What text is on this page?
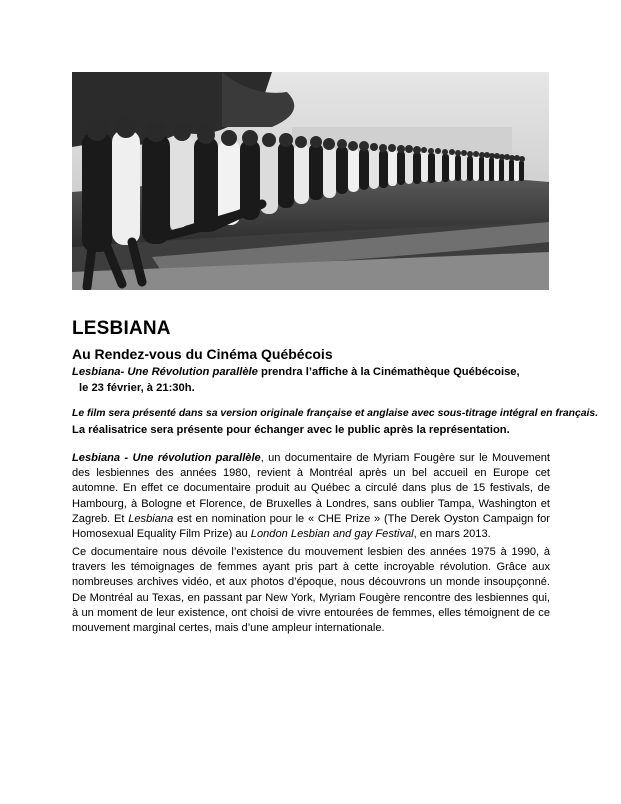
LESBIANA
Au Rendez-vous du Cinéma Québécois
Lesbiana- Une Révolution parallèle prendra l’affiche à la Cinémathèque Québécoise,
le 23 février, à 21:30h.
Le film sera présenté dans sa version originale française et anglaise avec sous-titrage intégral en français.
La réalisatrice sera présente pour échanger avec le public après la représentation.

Lesbiana - Une révolution parallèle, un documentaire de Myriam Fougère sur le Mouvement des lesbiennes des années 1980, revient à Montréal après un bel accueil en Europe cet automne. En effet ce documentaire produit au Québec a circulé dans plus de 15 festivals, de Hambourg, à Bologne et Florence, de Bruxelles à Londres, sans oublier Tampa, Washington et Zagreb. Et Lesbiana est en nomination pour le « CHE Prize » (The Derek Oyston Campaign for Homosexual Equality Film Prize) au London Lesbian and gay Festival, en mars 2013.

Ce documentaire nous dévoile l’existence du mouvement lesbien des années 1975 à 1990, à travers les témoignages de femmes ayant pris part à cette incroyable révolution. Grâce aux nombreuses archives vidéo, et aux photos d’époque, nous découvrons un monde insoupçonné. De Montréal au Texas, en passant par New York, Myriam Fougère rencontre des lesbiennes qui, à un moment de leur existence, ont choisi de vivre entourées de femmes, elles témoignent de ce mouvement marginal certes, mais d’une ampleur internationale.
